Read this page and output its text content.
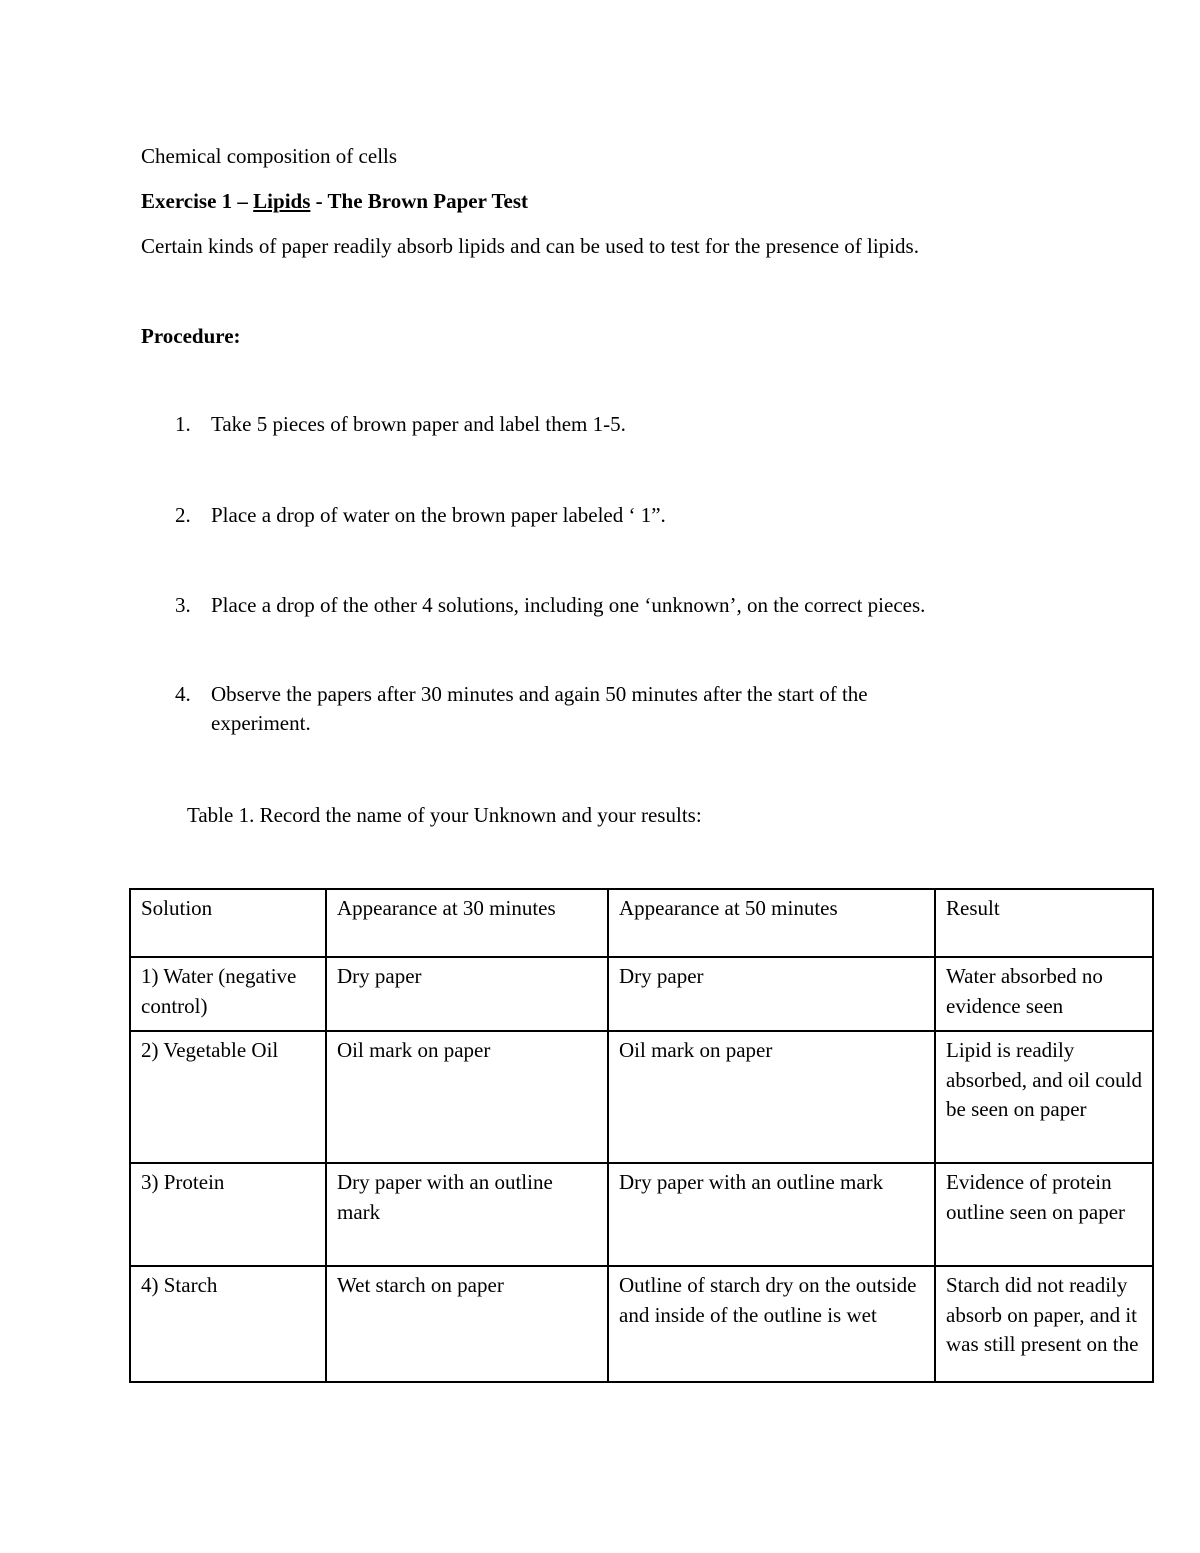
Chemical composition of cells
Exercise 1 – Lipids - The Brown Paper Test
Certain kinds of paper readily absorb lipids and can be used to test for the presence of lipids.
Procedure:
1. Take 5 pieces of brown paper and label them 1-5.
2. Place a drop of water on the brown paper labeled ‘ 1”.
3. Place a drop of the other 4 solutions, including one ‘unknown’, on the correct pieces.
4. Observe the papers after 30 minutes and again 50 minutes after the start of the experiment.
Table 1. Record the name of your Unknown and your results:
Solution	Appearance at 30 minutes	Appearance at 50 minutes	Result
1) Water (negative control)	Dry paper	Dry paper	Water absorbed no evidence seen
2) Vegetable Oil	Oil mark on paper	Oil mark on paper	Lipid is readily absorbed, and oil could be seen on paper
3) Protein	Dry paper with an outline mark	Dry paper with an outline mark	Evidence of protein outline seen on paper
4) Starch	Wet starch on paper	Outline of starch dry on the outside and inside of the outline is wet	Starch did not readily absorb on paper, and it was still present on the
